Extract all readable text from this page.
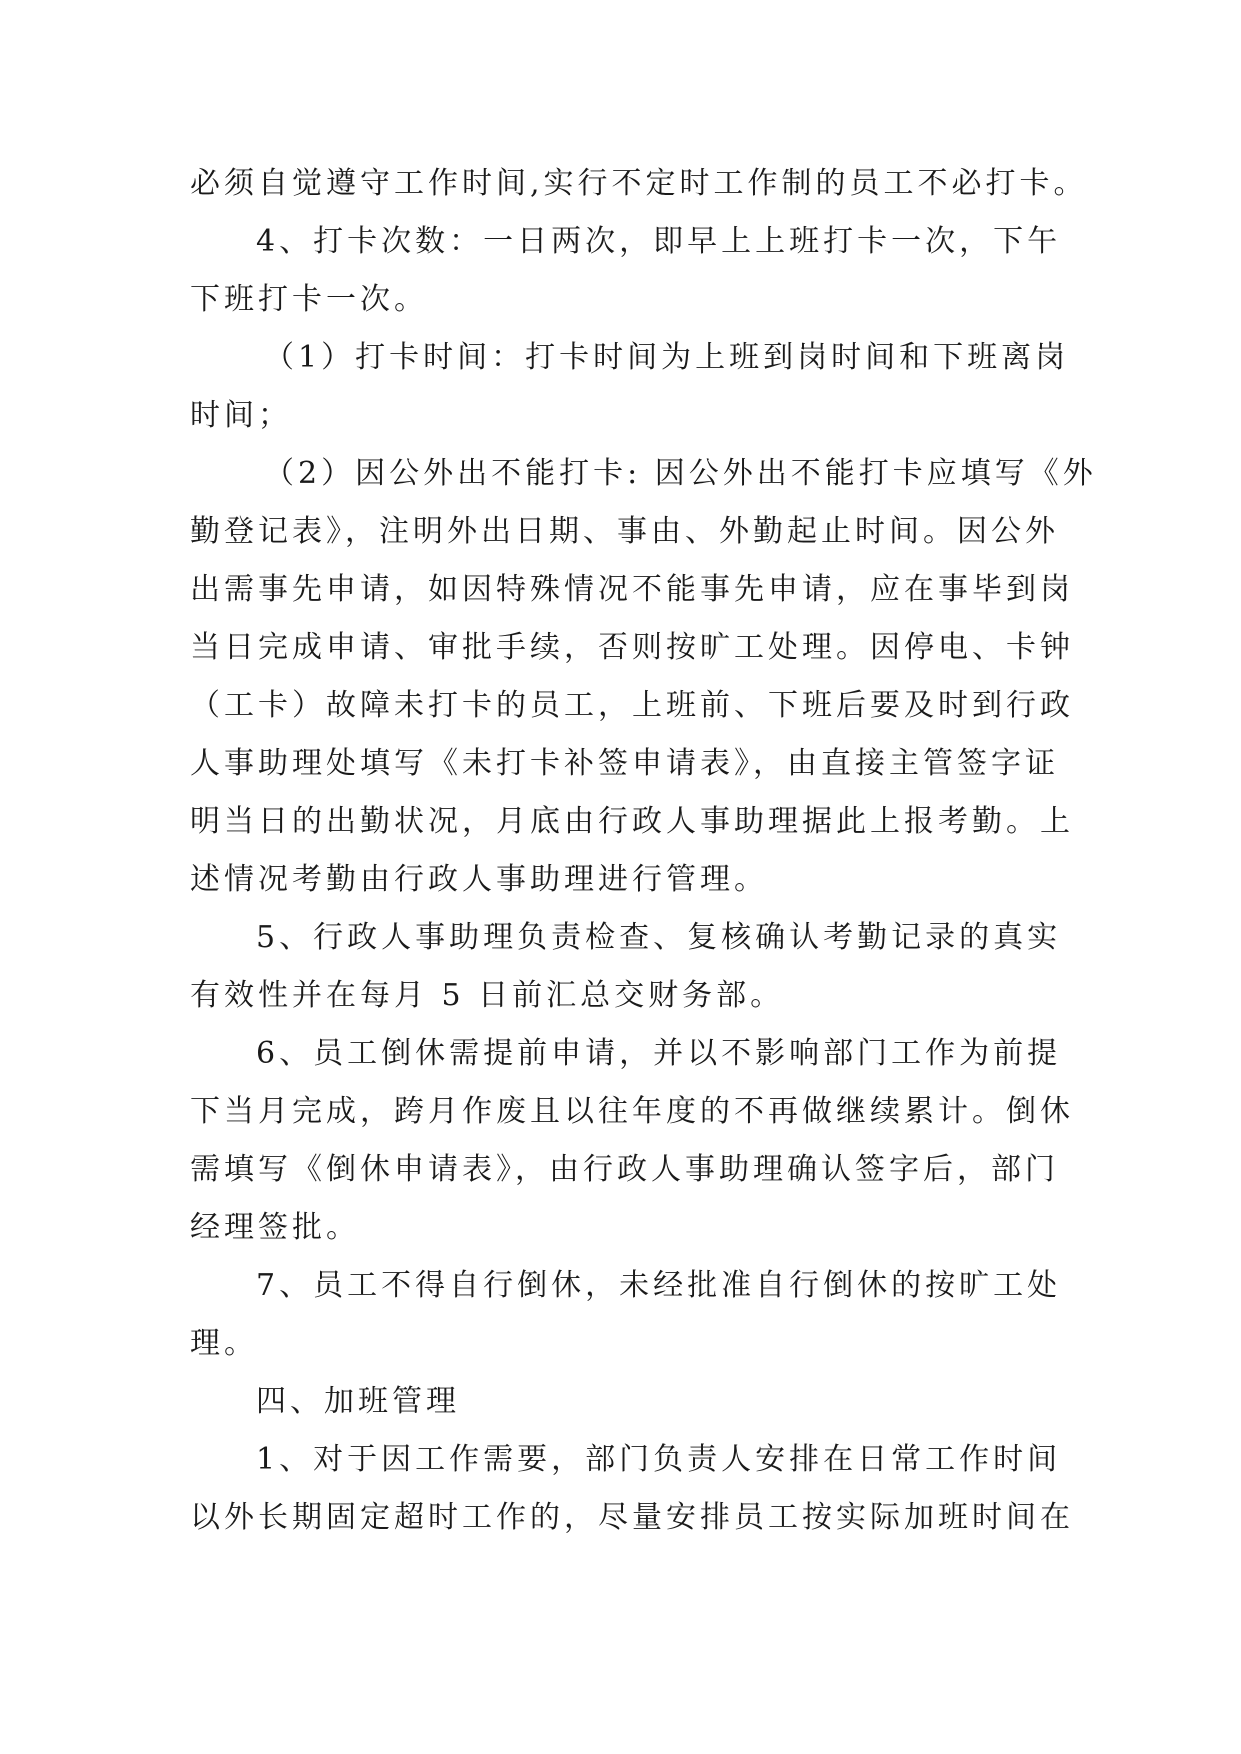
必须自觉遵守工作时间,实行不定时工作制的员工不必打卡。
4、打卡次数：一日两次，即早上上班打卡一次，下午
下班打卡一次。
（1）打卡时间：打卡时间为上班到岗时间和下班离岗
时间；
（2）因公外出不能打卡: 因公外出不能打卡应填写《外
勤登记表》，注明外出日期、事由、外勤起止时间。因公外
出需事先申请，如因特殊情况不能事先申请，应在事毕到岗
当日完成申请、审批手续，否则按旷工处理。因停电、卡钟
（工卡）故障未打卡的员工，上班前、下班后要及时到行政
人事助理处填写《未打卡补签申请表》，由直接主管签字证
明当日的出勤状况，月底由行政人事助理据此上报考勤。上
述情况考勤由行政人事助理进行管理。
5、行政人事助理负责检查、复核确认考勤记录的真实
有效性并在每月 5 日前汇总交财务部。
6、员工倒休需提前申请，并以不影响部门工作为前提
下当月完成，跨月作废且以往年度的不再做继续累计。倒休
需填写《倒休申请表》，由行政人事助理确认签字后，部门
经理签批。
7、员工不得自行倒休，未经批准自行倒休的按旷工处
理。
四、加班管理
1、对于因工作需要，部门负责人安排在日常工作时间
以外长期固定超时工作的，尽量安排员工按实际加班时间在
